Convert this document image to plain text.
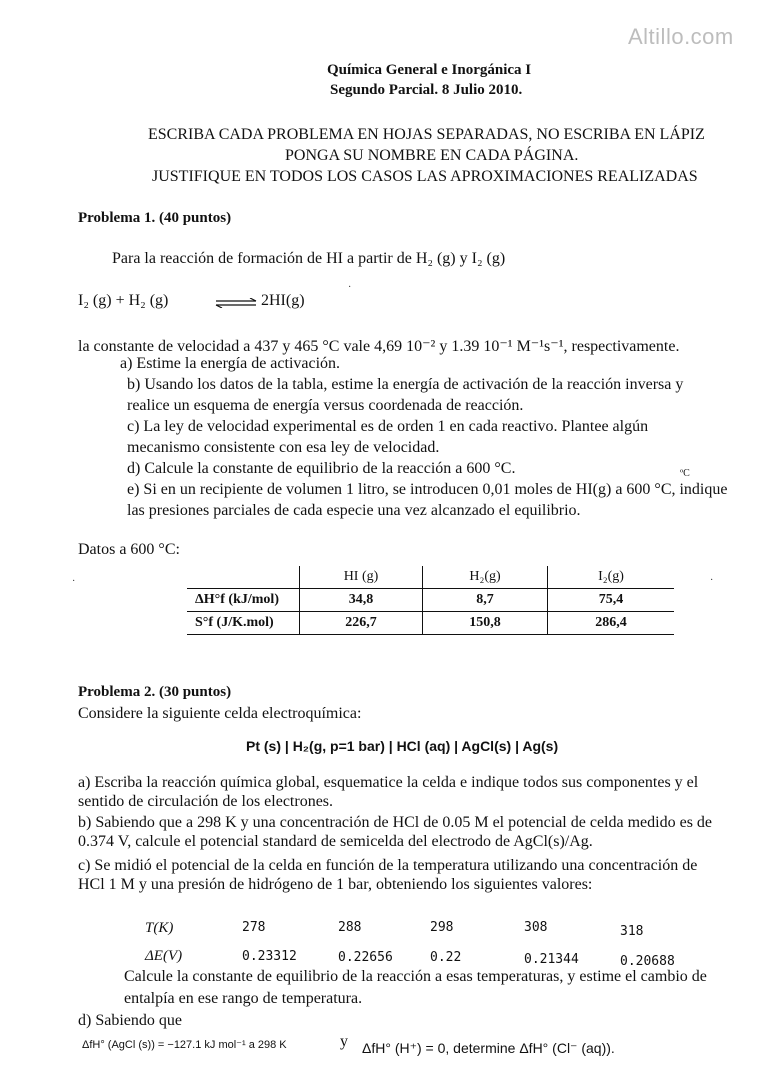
Altillo.com
Química General e Inorgánica I
Segundo Parcial. 8 Julio 2010.
ESCRIBA CADA PROBLEMA EN HOJAS SEPARADAS, NO ESCRIBA EN LÁPIZ
PONGA SU NOMBRE EN CADA PÁGINA.
JUSTIFIQUE EN TODOS LOS CASOS LAS APROXIMACIONES REALIZADAS
Problema 1. (40 puntos)
Para la reacción de formación de HI a partir de H₂ (g) y I₂ (g)
I₂ (g) + H₂ (g)	⇌ 2HI(g)
la constante de velocidad a 437 y 465 °C vale 4,69 10⁻² y 1.39 10⁻¹ M⁻¹s⁻¹, respectivamente.
a) Estime la energía de activación.
b) Usando los datos de la tabla, estime la energía de activación de la reacción inversa y
realice un esquema de energía versus coordenada de reacción.
c) La ley de velocidad experimental es de orden 1 en cada reactivo. Plantee algún
mecanismo consistente con esa ley de velocidad.
d) Calcule la constante de equilibrio de la reacción a 600 °C.	ºC
e) Si en un recipiente de volumen 1 litro, se introducen 0,01 moles de HI(g) a 600 °C, indique
las presiones parciales de cada especie una vez alcanzado el equilibrio.
Datos a 600 °C:
	HI (g)	H₂(g)	I₂(g)
ΔH°f (kJ/mol)	34,8	8,7	75,4
S°f (J/K.mol)	226,7	150,8	286,4
Problema 2. (30 puntos)
Considere la siguiente celda electroquímica:
Pt (s) | H₂(g, p=1 bar) | HCl (aq) | AgCl(s) | Ag(s)
a) Escriba la reacción química global, esquematice la celda e indique todos sus componentes y el
sentido de circulación de los electrones.
b) Sabiendo que a 298 K y una concentración de HCl de 0.05 M el potencial de celda medido es de
0.374 V, calcule el potencial standard de semicelda del electrodo de AgCl(s)/Ag.
c) Se midió el potencial de la celda en función de la temperatura utilizando una concentración de
HCl 1 M y una presión de hidrógeno de 1 bar, obteniendo los siguientes valores:
T(K)	278	288	298	308	318
ΔE(V)	0.23312	0.22656	0.22	0.21344	0.20688
Calcule la constante de equilibrio de la reacción a esas temperaturas, y estime el cambio de
entalpía en ese rango de temperatura.
d) Sabiendo que
ΔfH° (AgCl (s)) = −127.1 kJ mol⁻¹ a 298 K	y ΔfH° (H⁺) = 0, determine ΔfH° (Cl⁻ (aq)).
·
·	·
